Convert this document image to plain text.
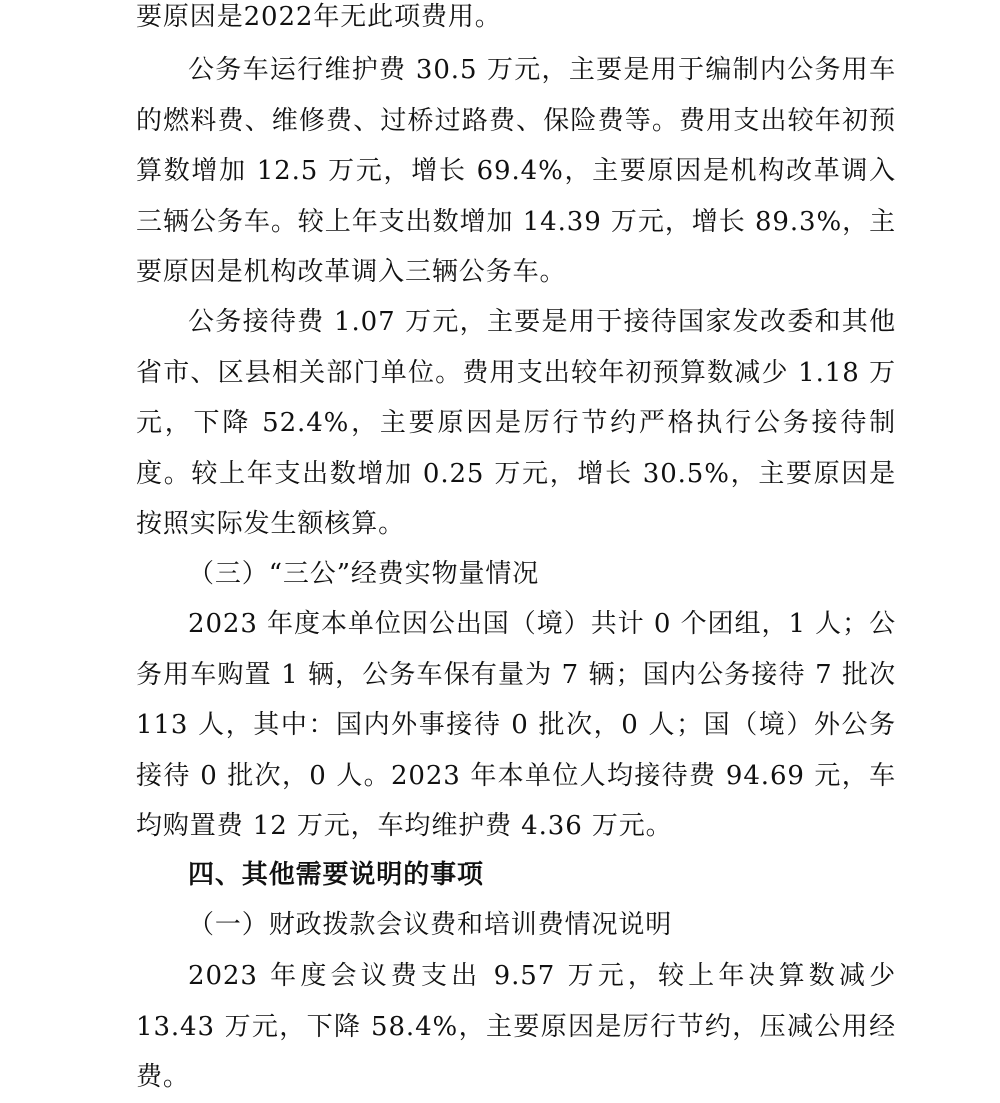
要原因是2022年无此项费用。

公务车运行维护费 30.5 万元，主要是用于编制内公务用车的燃料费、维修费、过桥过路费、保险费等。费用支出较年初预算数增加 12.5 万元，增长 69.4%，主要原因是机构改革调入三辆公务车。较上年支出数增加 14.39 万元，增长 89.3%，主要原因是机构改革调入三辆公务车。

公务接待费 1.07 万元，主要是用于接待国家发改委和其他省市、区县相关部门单位。费用支出较年初预算数减少 1.18 万元，下降 52.4%，主要原因是厉行节约严格执行公务接待制度。较上年支出数增加 0.25 万元，增长 30.5%，主要原因是按照实际发生额核算。

（三）“三公”经费实物量情况

2023 年度本单位因公出国（境）共计 0 个团组，1 人；公务用车购置 1 辆，公务车保有量为 7 辆；国内公务接待 7 批次113 人，其中：国内外事接待 0 批次，0 人；国（境）外公务接待 0 批次，0 人。2023 年本单位人均接待费 94.69 元，车均购置费 12 万元，车均维护费 4.36 万元。

四、其他需要说明的事项

（一）财政拨款会议费和培训费情况说明

2023 年度会议费支出 9.57 万元，较上年决算数减少 13.43 万元，下降 58.4%，主要原因是厉行节约，压减公用经费。
